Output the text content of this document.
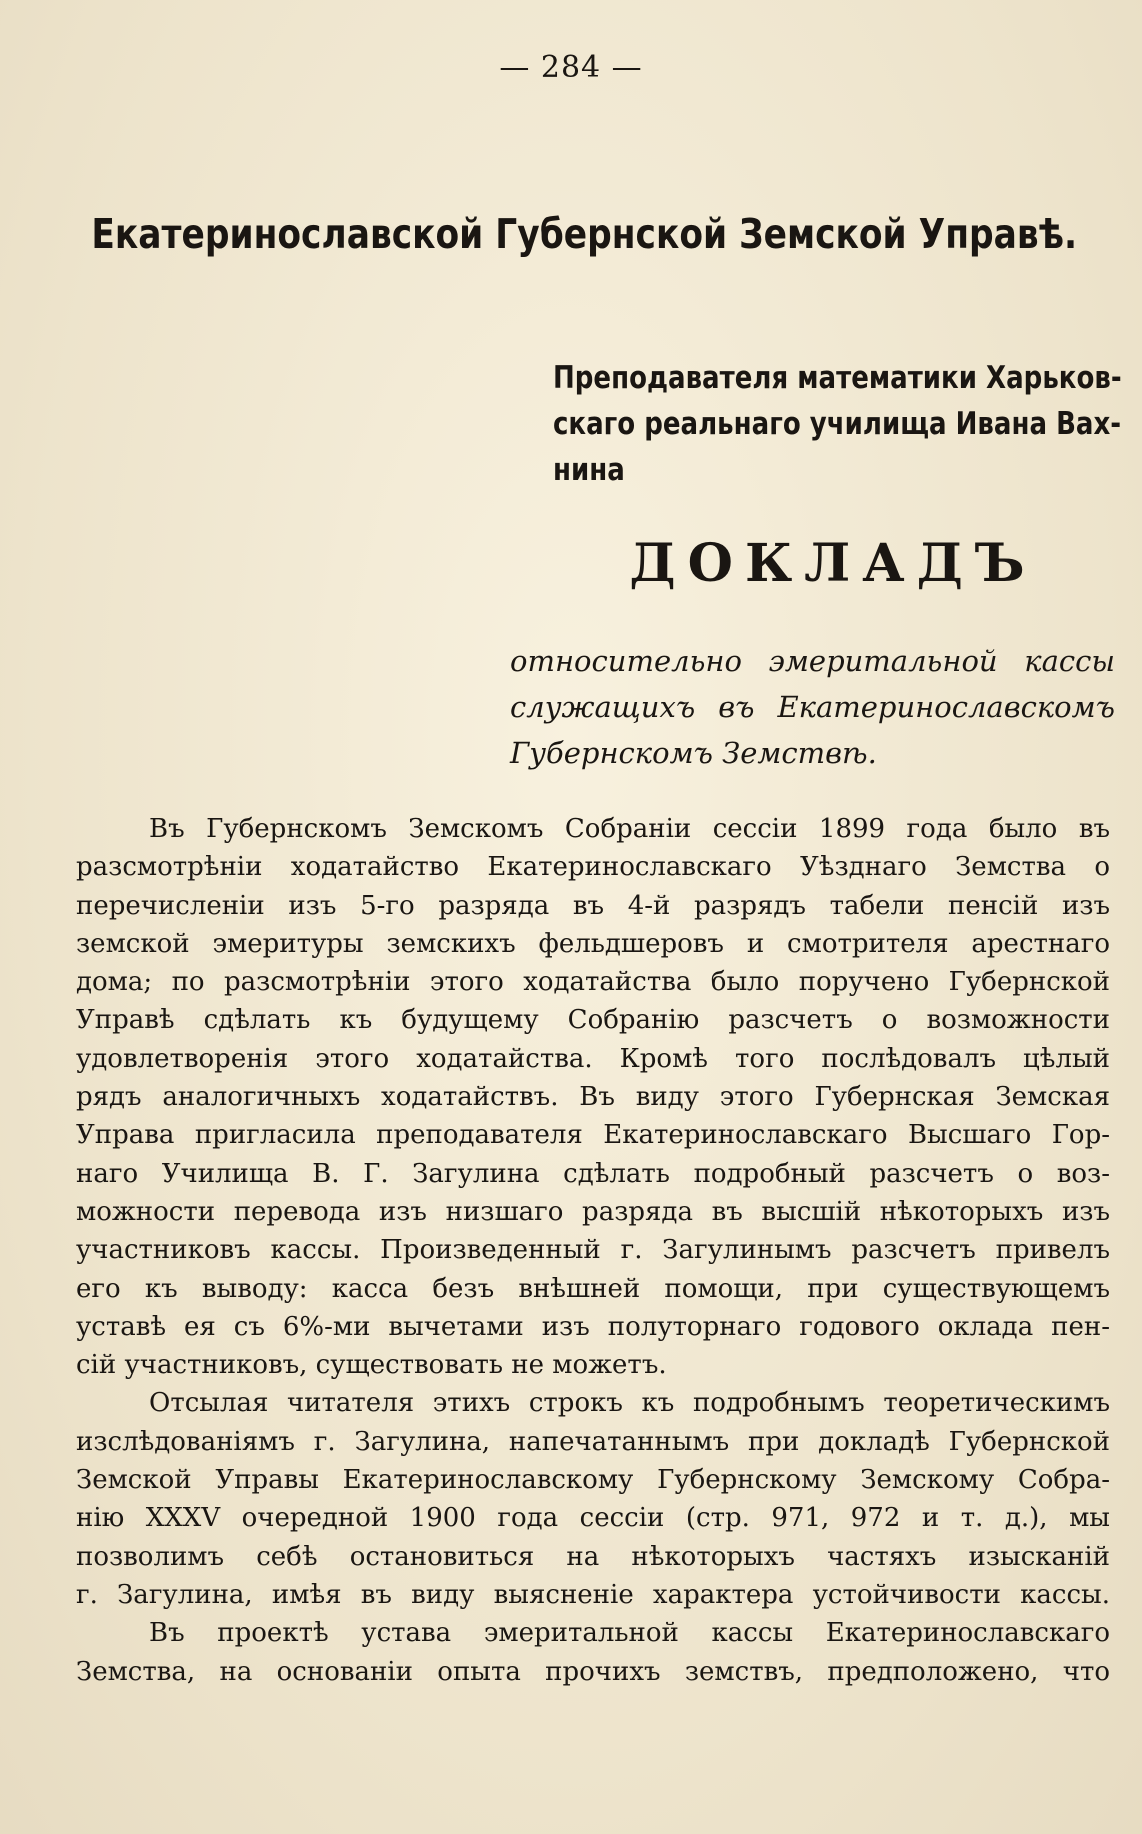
— 284 —
Екатеринославской Губернской Земской Управѣ.
Преподавателя математики Харьков-
скаго реальнаго училища Ивана Вах-
нина
ДОКЛАДЪ
относительно эмеритальной кассы
служащихъ въ Екатеринославскомъ
Губернскомъ Земствѣ.
Въ Губернскомъ Земскомъ Собраніи сессіи 1899 года было въ
разсмотрѣніи ходатайство Екатеринославскаго Уѣзднаго Земства о
перечисленіи изъ 5-го разряда въ 4-й разрядъ табели пенсій изъ
земской эмеритуры земскихъ фельдшеровъ и смотрителя арестнаго
дома; по разсмотрѣніи этого ходатайства было поручено Губернской
Управѣ сдѣлать къ будущему Собранію разсчетъ о возможности
удовлетворенія этого ходатайства. Кромѣ того послѣдовалъ цѣлый
рядъ аналогичныхъ ходатайствъ. Въ виду этого Губернская Земская
Управа пригласила преподавателя Екатеринославскаго Высшаго Гор-
наго Училища В. Г. Загулина сдѣлать подробный разсчетъ о воз-
можности перевода изъ низшаго разряда въ высшій нѣкоторыхъ изъ
участниковъ кассы. Произведенный г. Загулинымъ разсчетъ привелъ
его къ выводу: касса безъ внѣшней помощи, при существующемъ
уставѣ ея съ 6%-ми вычетами изъ полуторнаго годового оклада пен-
сій участниковъ, существовать не можетъ.
Отсылая читателя этихъ строкъ къ подробнымъ теоретическимъ
изслѣдованіямъ г. Загулина, напечатаннымъ при докладѣ Губернской
Земской Управы Екатеринославскому Губернскому Земскому Собра-
нію XXXV очередной 1900 года сессіи (стр. 971, 972 и т. д.), мы
позволимъ себѣ остановиться на нѣкоторыхъ частяхъ изысканій
г. Загулина, имѣя въ виду выясненіе характера устойчивости кассы.
Въ проектѣ устава эмеритальной кассы Екатеринославскаго
Земства, на основаніи опыта прочихъ земствъ, предположено, что
